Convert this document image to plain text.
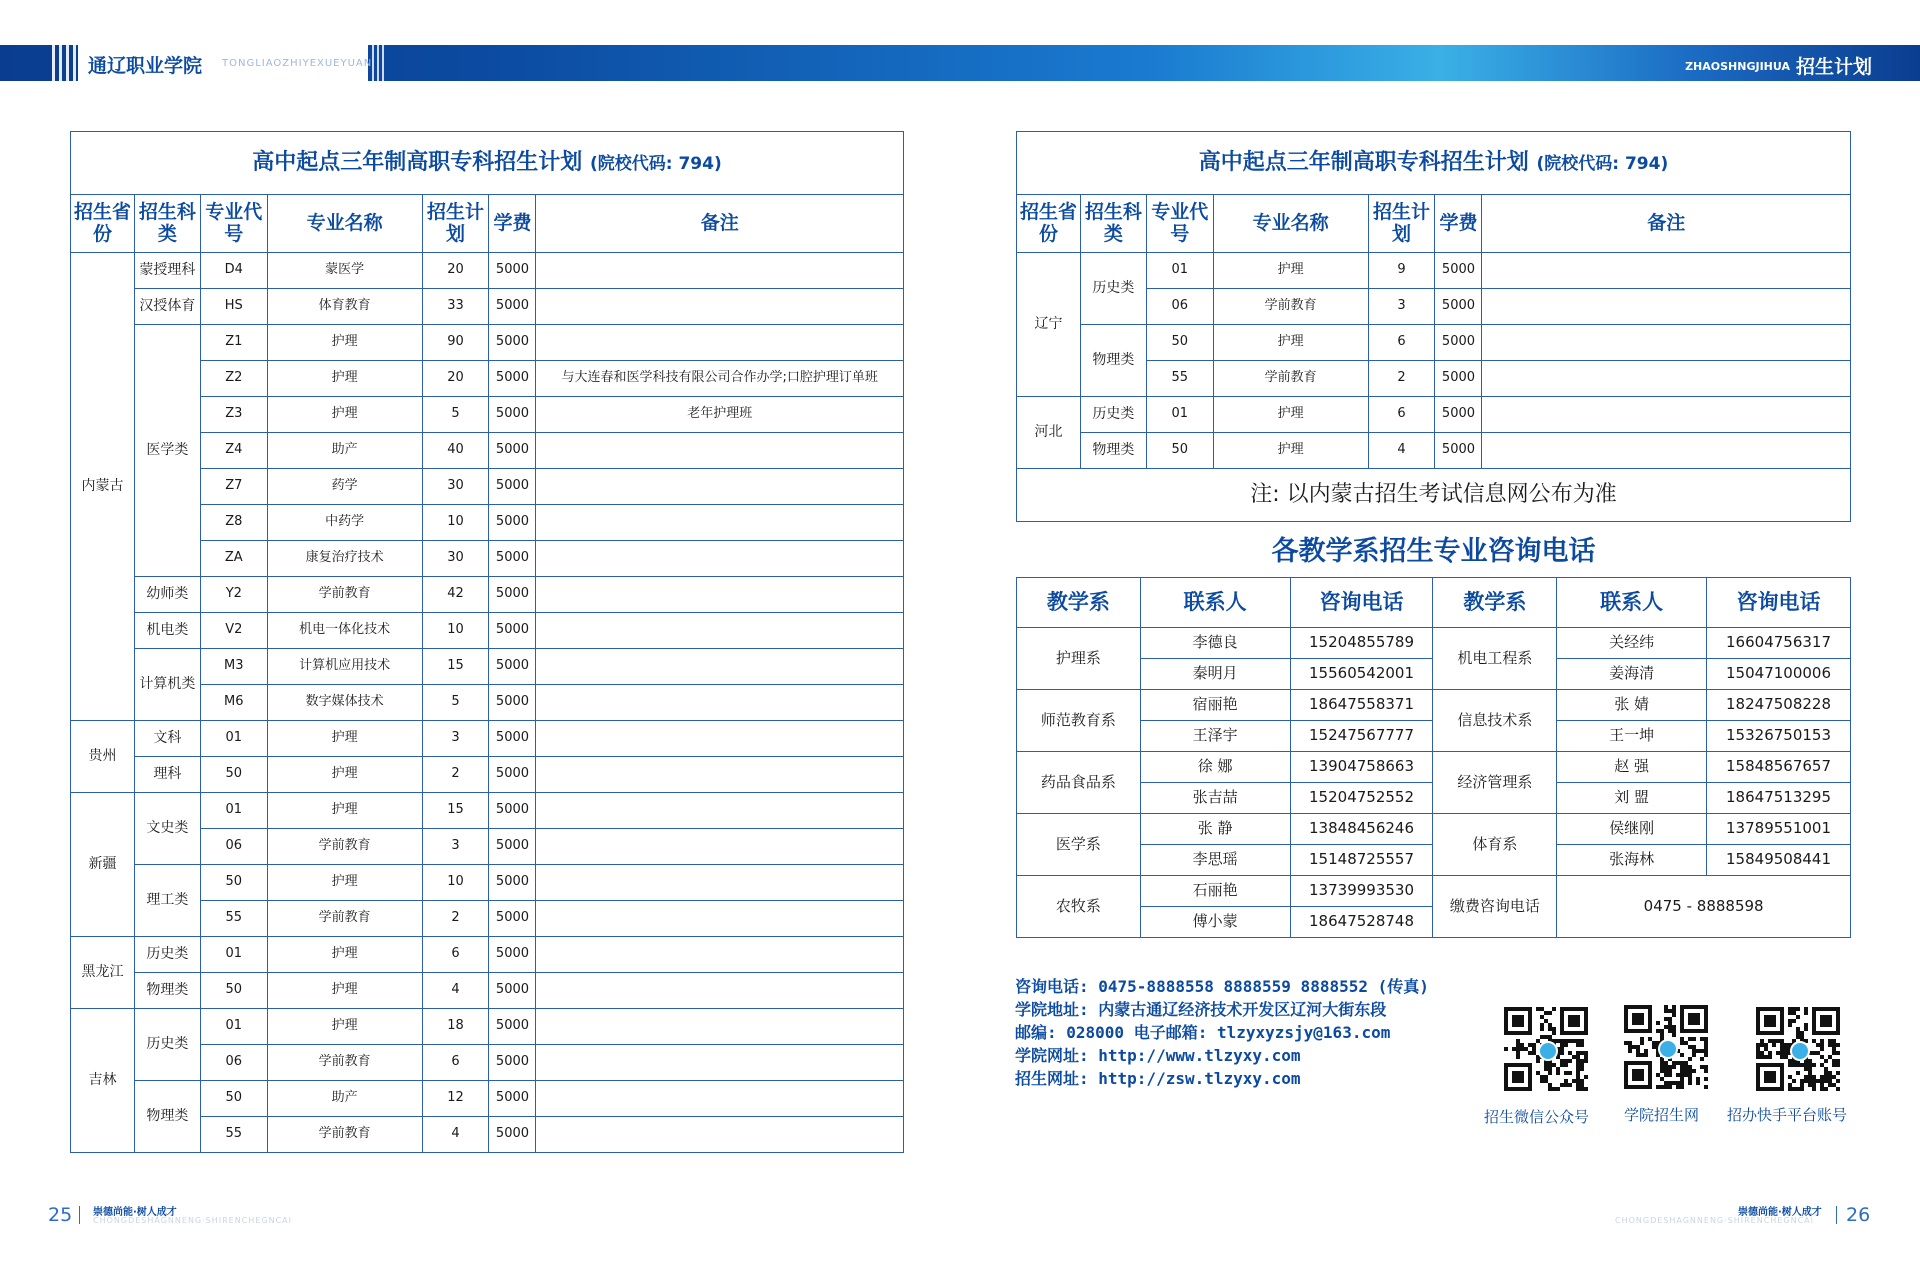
通辽职业学院 TONGLIAOZHIYEXUEYUAN	ZHAOSHNGJIHUA 招生计划
高中起点三年制高职专科招生计划 (院校代码: 794)						
招生省份	招生科类	专业代号	专业名称	招生计划	学费	备注
内蒙古	蒙授理科	D4	蒙医学	20	5000	
	汉授体育	HS	体育教育	33	5000	
	医学类	Z1	护理	90	5000	
		Z2	护理	20	5000	与大连春和医学科技有限公司合作办学;口腔护理订单班
		Z3	护理	5	5000	老年护理班
		Z4	助产	40	5000	
		Z7	药学	30	5000	
		Z8	中药学	10	5000	
		ZA	康复治疗技术	30	5000	
	幼师类	Y2	学前教育	42	5000	
	机电类	V2	机电一体化技术	10	5000	
	计算机类	M3	计算机应用技术	15	5000	
		M6	数字媒体技术	5	5000	
贵州	文科	01	护理	3	5000	
	理科	50	护理	2	5000	
新疆	文史类	01	护理	15	5000	
		06	学前教育	3	5000	
	理工类	50	护理	10	5000	
		55	学前教育	2	5000	
黑龙江	历史类	01	护理	6	5000	
	物理类	50	护理	4	5000	
吉林	历史类	01	护理	18	5000	
		06	学前教育	6	5000	
	物理类	50	助产	12	5000	
		55	学前教育	4	5000	
高中起点三年制高职专科招生计划 (院校代码: 794)						
招生省份	招生科类	专业代号	专业名称	招生计划	学费	备注
辽宁	历史类	01	护理	9	5000	
		06	学前教育	3	5000	
	物理类	50	护理	6	5000	
		55	学前教育	2	5000	
河北	历史类	01	护理	6	5000	
	物理类	50	护理	4	5000	
注: 以内蒙古招生考试信息网公布为准						
各教学系招生专业咨询电话
教学系	联系人	咨询电话	教学系	联系人	咨询电话
护理系	李德良	15204855789	机电工程系	关经纬	16604756317
	秦明月	15560542001		姜海清	15047100006
师范教育系	宿丽艳	18647558371	信息技术系	张 婧	18247508228
	王泽宇	15247567777		王一坤	15326750153
药品食品系	徐 娜	13904758663	经济管理系	赵 强	15848567657
	张吉喆	15204752552		刘 盟	18647513295
医学系	张 静	13848456246	体育系	侯继刚	13789551001
	李思瑶	15148725557		张海林	15849508441
农牧系	石丽艳	13739993530	缴费咨询电话	0475 - 8888598	
	傅小蒙	18647528748			
咨询电话: 0475-8888558 8888559 8888552 (传真)
学院地址: 内蒙古通辽经济技术开发区辽河大街东段
邮编: 028000 电子邮箱: tlzyxyzsjy@163.com
学院网址: http://www.tlzyxy.com
招生网址: http://zsw.tlzyxy.com
招生微信公众号 学院招生网 招办快手平台账号
25 崇德尚能·树人成才
CHONGDESHAGNNENG·SHIRENCHEGNCAI
崇德尚能·树人成才
CHONGDESHAGNNENG·SHIRENCHEGNCAI 26
